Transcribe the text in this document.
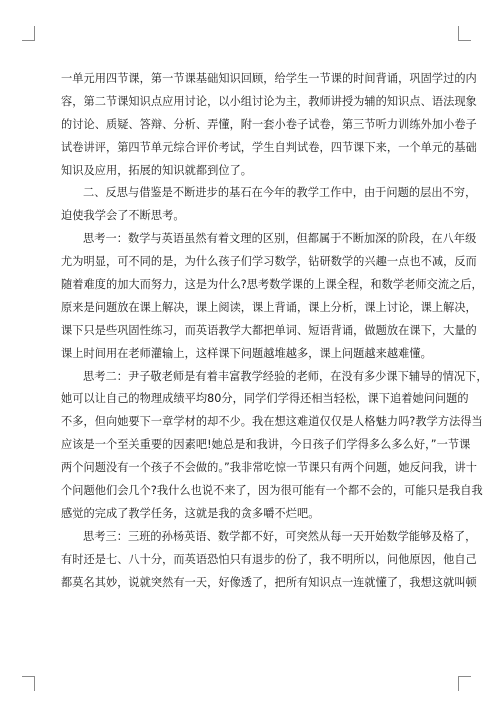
一单元用四节课，第一节课基础知识回顾，给学生一节课的时间背诵，巩固学过的内
容，第二节课知识点应用讨论，以小组讨论为主，教师讲授为辅的知识点、语法现象
的讨论、质疑、答辩、分析、弄懂，附一套小卷子试卷，第三节听力训练外加小卷子
试卷讲评，第四节单元综合评价考试，学生自判试卷，四节课下来，一个单元的基础
知识及应用，拓展的知识就都到位了。
二、反思与借鉴是不断进步的基石在今年的教学工作中，由于问题的层出不穷，
迫使我学会了不断思考。
思考一：数学与英语虽然有着文理的区别，但都属于不断加深的阶段，在八年级
尤为明显，可不同的是，为什么孩子们学习数学，钻研数学的兴趣一点也不减，反而
随着难度的加大而努力，这是为什么?思考数学课的上课全程，和数学老师交流之后，
原来是问题放在课上解决，课上阅读，课上背诵，课上分析，课上讨论，课上解决，
课下只是些巩固性练习，而英语教学大都把单词、短语背诵，做题放在课下，大量的
课上时间用在老师灌输上，这样课下问题越堆越多，课上问题越来越难懂。
思考二：尹子敬老师是有着丰富教学经验的老师，在没有多少课下辅导的情况下，
她可以让自己的物理成绩平均80分，同学们学得还相当轻松，课下追着她问问题的
不多，但向她要下一章学材的却不少。我在想这难道仅仅是人格魅力吗?教学方法得当
应该是一个至关重要的因素吧!她总是和我讲，今日孩子们学得多么多么好，”一节课
两个问题没有一个孩子不会做的。”我非常吃惊一节课只有两个问题，她反问我，讲十
个问题他们会几个?我什么也说不来了，因为很可能有一个都不会的，可能只是我自我
感觉的完成了教学任务，这就是我的贪多嚼不烂吧。
思考三：三班的孙杨英语、数学都不好，可突然从每一天开始数学能够及格了，
有时还是七、八十分，而英语恐怕只有退步的份了，我不明所以，问他原因，他自己
都莫名其妙，说就突然有一天，好像透了，把所有知识点一连就懂了，我想这就叫顿
